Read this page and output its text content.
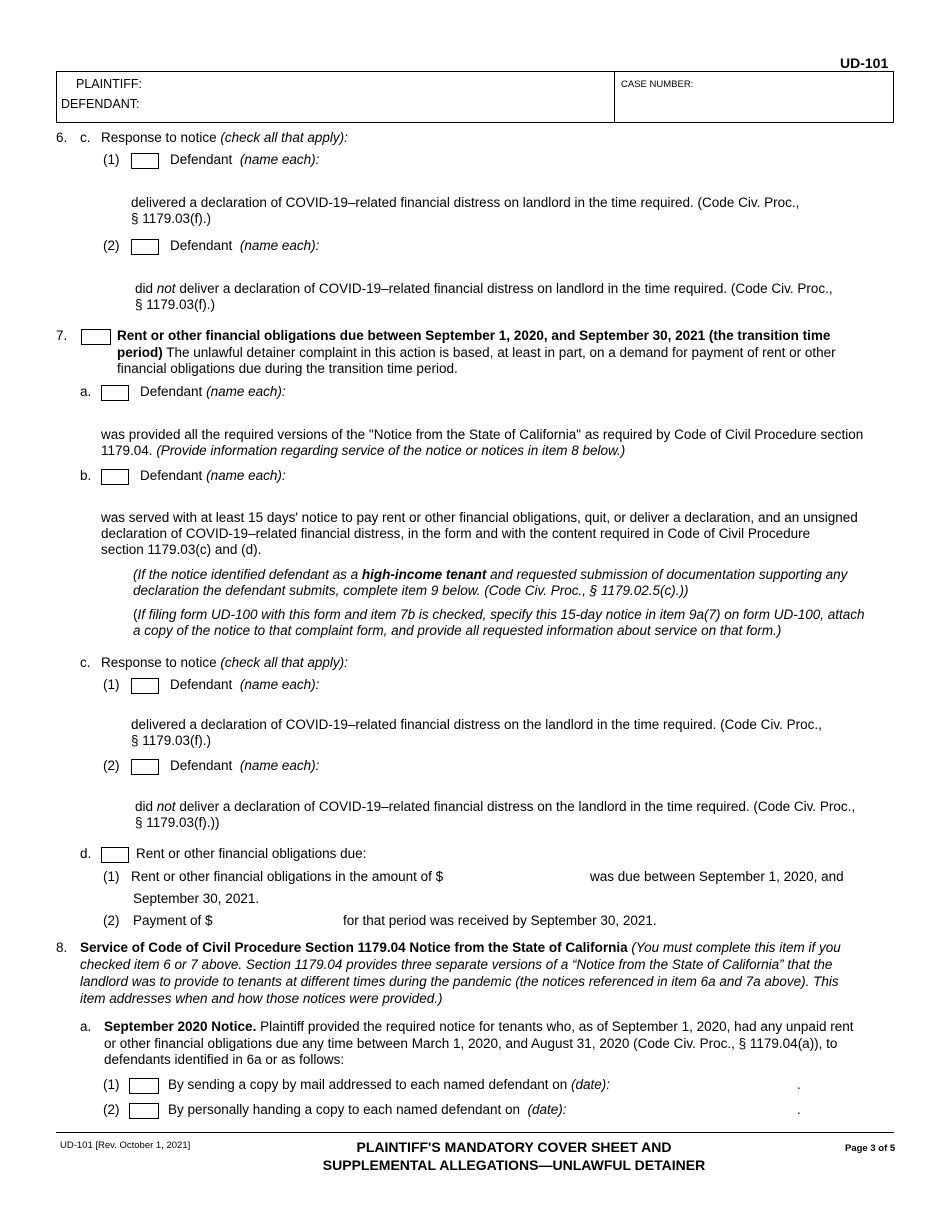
UD-101
PLAINTIFF:
DEFENDANT:
CASE NUMBER:
6. c. Response to notice (check all that apply):
(1)	Defendant (name each):
delivered a declaration of COVID-19–related financial distress on landlord in the time required. (Code Civ. Proc.,
§ 1179.03(f).)
(2)	Defendant (name each):
did not deliver a declaration of COVID-19–related financial distress on landlord in the time required. (Code Civ. Proc.,
§ 1179.03(f).)
7.	Rent or other financial obligations due between September 1, 2020, and September 30, 2021 (the transition time
period) The unlawful detainer complaint in this action is based, at least in part, on a demand for payment of rent or other
financial obligations due during the transition time period.
a.	Defendant (name each):
was provided all the required versions of the "Notice from the State of California" as required by Code of Civil Procedure section
1179.04. (Provide information regarding service of the notice or notices in item 8 below.)
b.	Defendant (name each):
was served with at least 15 days' notice to pay rent or other financial obligations, quit, or deliver a declaration, and an unsigned
declaration of COVID-19–related financial distress, in the form and with the content required in Code of Civil Procedure
section 1179.03(c) and (d).
(If the notice identified defendant as a high-income tenant and requested submission of documentation supporting any
declaration the defendant submits, complete item 9 below. (Code Civ. Proc., § 1179.02.5(c).))
(If filing form UD-100 with this form and item 7b is checked, specify this 15-day notice in item 9a(7) on form UD-100, attach
a copy of the notice to that complaint form, and provide all requested information about service on that form.)
c. Response to notice (check all that apply):
(1)	Defendant (name each):
delivered a declaration of COVID-19–related financial distress on the landlord in the time required. (Code Civ. Proc.,
§ 1179.03(f).)
(2)	Defendant (name each):
did not deliver a declaration of COVID-19–related financial distress on the landlord in the time required. (Code Civ. Proc.,
§ 1179.03(f).))
d.	Rent or other financial obligations due:
(1) Rent or other financial obligations in the amount of $	was due between September 1, 2020, and
September 30, 2021.
(2) Payment of $	for that period was received by September 30, 2021.
8. Service of Code of Civil Procedure Section 1179.04 Notice from the State of California (You must complete this item if you
checked item 6 or 7 above. Section 1179.04 provides three separate versions of a “Notice from the State of California” that the
landlord was to provide to tenants at different times during the pandemic (the notices referenced in item 6a and 7a above). This
item addresses when and how those notices were provided.)
a. September 2020 Notice. Plaintiff provided the required notice for tenants who, as of September 1, 2020, had any unpaid rent
or other financial obligations due any time between March 1, 2020, and August 31, 2020 (Code Civ. Proc., § 1179.04(a)), to
defendants identified in 6a or as follows:
(1)	By sending a copy by mail addressed to each named defendant on (date):	.
(2)	By personally handing a copy to each named defendant on (date):	.
UD-101 [Rev. October 1, 2021]	PLAINTIFF'S MANDATORY COVER SHEET AND
SUPPLEMENTAL ALLEGATIONS—UNLAWFUL DETAINER
Page 3 of 5
